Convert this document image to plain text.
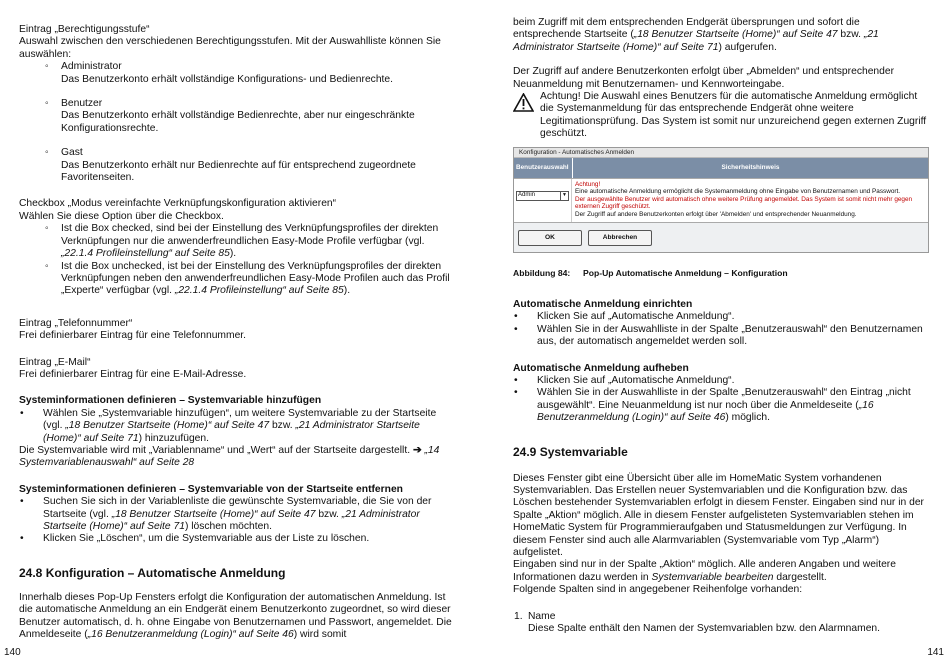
Eintrag „Berechtigungsstufe“

Auswahl zwischen den verschiedenen Berechtigungsstufen. Mit der Auswahlliste können Sie auswählen:

◦ Administrator

Das Benutzerkonto erhält vollständige Konfigurations- und Bedienrechte.

◦ Benutzer

Das Benutzerkonto erhält vollständige Bedienrechte, aber nur eingeschränkte Konfigurationsrechte.

◦ Gast

Das Benutzerkonto erhält nur Bedienrechte auf für entsprechend zugeordnete Favoritenseiten.

Checkbox „Modus vereinfachte Verknüpfungskonfiguration aktivieren“

Wählen Sie diese Option über die Checkbox.

◦ Ist die Box checked, sind bei der Einstellung des Verknüpfungsprofiles der direkten Verknüpfungen nur die anwenderfreundlichen Easy-Mode Profile verfügbar (vgl.
„22.1.4 Profileinstellung“ auf Seite 85).

◦ Ist die Box unchecked, ist bei der Einstellung des Verknüpfungsprofiles der direkten Verknüpfungen neben den anwenderfreundlichen Easy-Mode Profilen auch das Profil „Experte“ verfügbar (vgl. „22.1.4 Profileinstellung“ auf Seite 85).

Eintrag „Telefonnummer“

Frei definierbarer Eintrag für eine Telefonnummer.

Eintrag „E-Mail“

Frei definierbarer Eintrag für eine E-Mail-Adresse.

Systeminformationen definieren – Systemvariable hinzufügen

• Wählen Sie „Systemvariable hinzufügen“, um weitere Systemvariable zu der Startseite (vgl. „18 Benutzer Startseite (Home)“ auf Seite 47 bzw. „21 Administrator Startseite (Home)“ auf Seite 71) hinzuzufügen.

Die Systemvariable wird mit „Variablenname“ und „Wert“ auf der Startseite dargestellt. ➔ „14 Systemvariablenauswahl“ auf Seite 28

Systeminformationen definieren – Systemvariable von der Startseite entfernen

• Suchen Sie sich in der Variablenliste die gewünschte Systemvariable, die Sie von der Startseite (vgl. „18 Benutzer Startseite (Home)“ auf Seite 47 bzw. „21 Administrator Startseite (Home)“ auf Seite 71) löschen möchten.

• Klicken Sie „Löschen“, um die Systemvariable aus der Liste zu löschen.

24.8 Konfiguration – Automatische Anmeldung

Innerhalb dieses Pop-Up Fensters erfolgt die Konfiguration der automatischen Anmeldung. Ist die automatische Anmeldung an ein Endgerät einem Benutzerkonto zugeordnet, so wird dieser Benutzer automatisch, d. h. ohne Eingabe von Benutzernamen und Passwort, angemeldet. Die Anmeldeseite („16 Benutzeranmeldung (Login)“ auf Seite 46) wird somit

140

beim Zugriff mit dem entsprechenden Endgerät übersprungen und sofort die entsprechende Startseite („18 Benutzer Startseite (Home)“ auf Seite 47 bzw. „21 Administrator Startseite (Home)“ auf Seite 71) aufgerufen.

Der Zugriff auf andere Benutzerkonten erfolgt über „Abmelden“ und entsprechender Neuanmeldung mit Benutzernamen- und Kennworteingabe.

Achtung! Die Auswahl eines Benutzers für die automatische Anmeldung ermöglicht die Systemanmeldung für das entsprechende Endgerät ohne weitere Legitimationsprüfung. Das System ist somit nur unzureichend gegen externen Zugriff geschützt.

Konfiguration - Automatisches Anmelden
Benutzerauswahl	Sicherheitshinweis
Admin	▼
Achtung!
Eine automatische Anmeldung ermöglicht die Systemanmeldung ohne Eingabe von Benutzernamen und Passwort.
Der ausgewählte Benutzer wird automatisch ohne weitere Prüfung angemeldet. Das System ist somit nicht mehr gegen externen Zugriff geschützt.
Der Zugriff auf andere Benutzerkonten erfolgt über 'Abmelden' und entsprechender Neuanmeldung.
OK	Abbrechen
Abbildung 84:	Pop-Up Automatische Anmeldung – Konfiguration

Automatische Anmeldung einrichten

• Klicken Sie auf „Automatische Anmeldung“.

• Wählen Sie in der Auswahlliste in der Spalte „Benutzerauswahl“ den Benutzernamen aus, der automatisch angemeldet werden soll.

Automatische Anmeldung aufheben

• Klicken Sie auf „Automatische Anmeldung“.

• Wählen Sie in der Auswahlliste in der Spalte „Benutzerauswahl“ den Eintrag „nicht ausgewählt“. Eine Neuanmeldung ist nur noch über die Anmeldeseite („16 Benutzeranmeldung (Login)“ auf Seite 46) möglich.

24.9 Systemvariable

Dieses Fenster gibt eine Übersicht über alle im HomeMatic System vorhandenen Systemvariablen. Das Erstellen neuer Systemvariablen und die Konfiguration bzw. das Löschen bestehender Systemvariablen erfolgt in diesem Fenster. Eingaben sind nur in der Spalte „Aktion“ möglich. Alle in diesem Fenster aufgelisteten Systemvariablen stehen im HomeMatic System für Programmieraufgaben und Statusmeldungen zur Verfügung. In diesem Fenster sind auch alle Alarmvariablen (Systemvariable vom Typ „Alarm“) aufgelistet.

Eingaben sind nur in der Spalte „Aktion“ möglich. Alle anderen Angaben und weitere Informationen dazu werden in Systemvariable bearbeiten dargestellt.

Folgende Spalten sind in angegebener Reihenfolge vorhanden:

1. Name

Diese Spalte enthält den Namen der Systemvariablen bzw. den Alarmnamen.

141
